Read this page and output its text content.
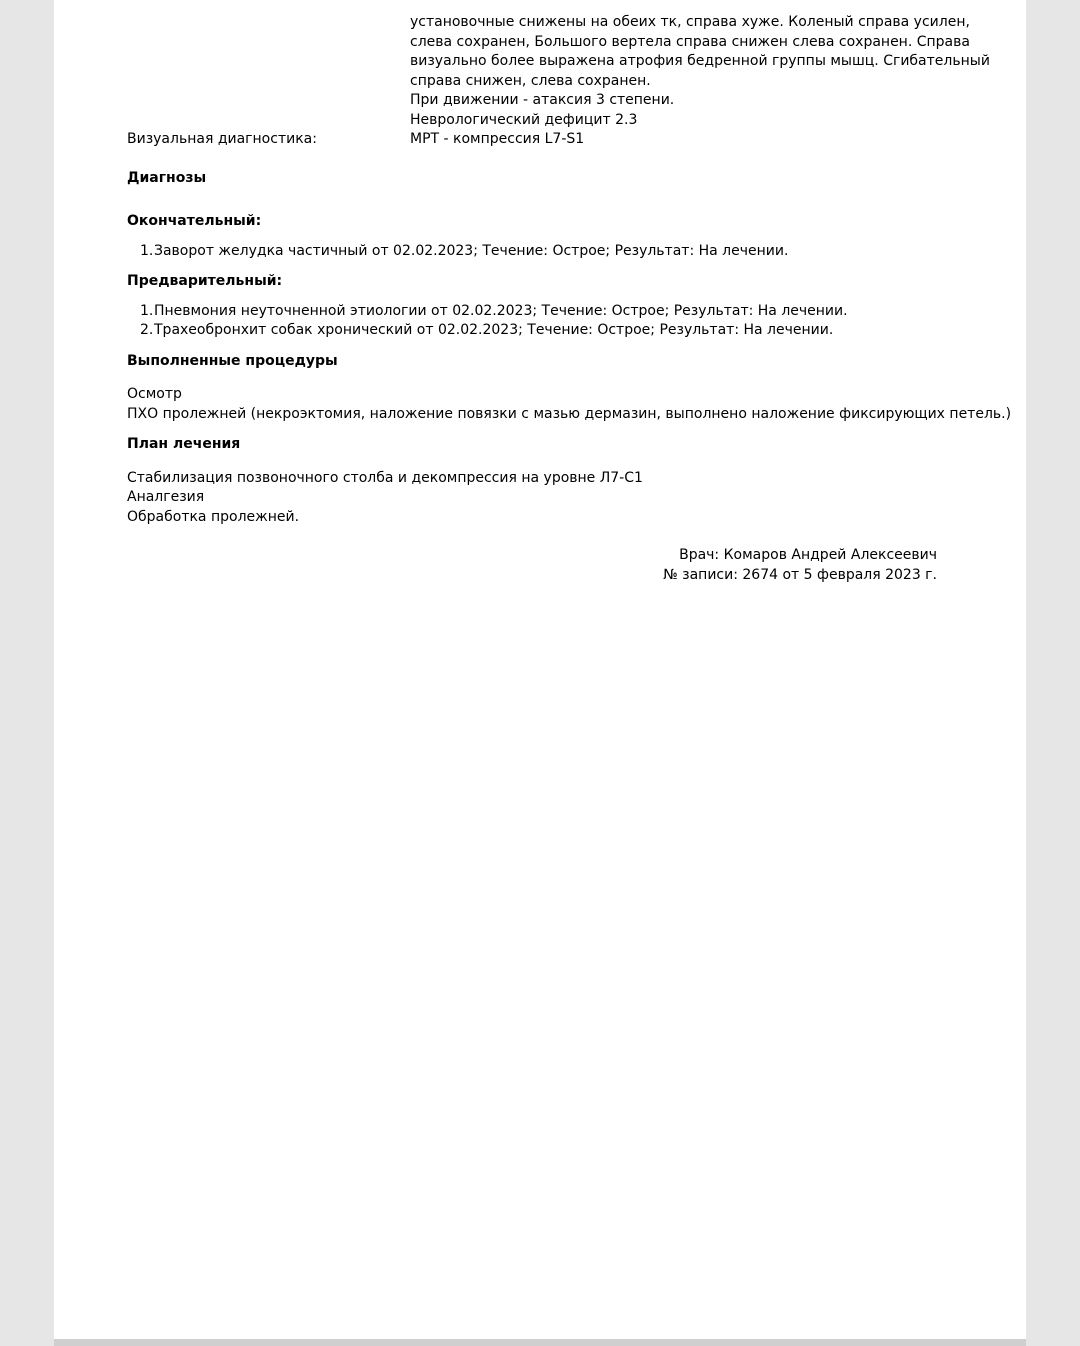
установочные снижены на обеих тк, справа хуже. Коленый справа усилен,
слева сохранен, Большого вертела справа снижен слева сохранен. Справа
визуально более выражена атрофия бедренной группы мышц. Сгибательный
справа снижен, слева сохранен.
При движении - атаксия 3 степени.
Неврологический дефицит 2.3
Визуальная диагностика:	МРТ - компрессия L7-S1
Диагнозы
Окончательный:
1.Заворот желудка частичный от 02.02.2023; Течение: Острое; Результат: На лечении.
Предварительный:
1.Пневмония неуточненной этиологии от 02.02.2023; Течение: Острое; Результат: На лечении.
2.Трахеобронхит собак хронический от 02.02.2023; Течение: Острое; Результат: На лечении.
Выполненные процедуры
Осмотр
ПХО пролежней (некроэктомия, наложение повязки с мазью дермазин, выполнено наложение фиксирующих петель.)
План лечения
Стабилизация позвоночного столба и декомпрессия на уровне Л7-С1
Аналгезия
Обработка пролежней.
Врач: Комаров Андрей Алексеевич
№ записи: 2674 от 5 февраля 2023 г.
